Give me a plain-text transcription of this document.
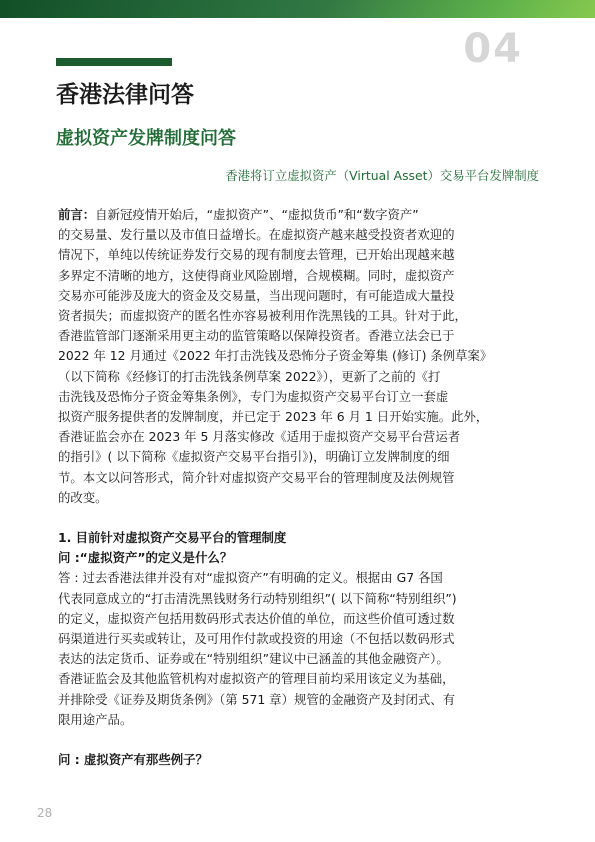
04
香港法律问答
虚拟资产发牌制度问答
香港将订立虚拟资产（Virtual Asset）交易平台发牌制度

前言：自新冠疫情开始后，“虚拟资产”、“虚拟货币”和“数字资产”

的交易量、发行量以及市值日益增长。在虚拟资产越来越受投资者欢迎的

情况下，单纯以传统证券发行交易的现有制度去管理，已开始出现越来越

多界定不清晰的地方，这使得商业风险剧增，合规模糊。同时，虚拟资产

交易亦可能涉及庞大的资金及交易量，当出现问题时，有可能造成大量投

资者损失；而虚拟资产的匿名性亦容易被利用作洗黑钱的工具。针对于此，

香港监管部门逐渐采用更主动的监管策略以保障投资者。香港立法会已于

2022 年 12 月通过《2022 年打击洗钱及恐怖分子资金筹集 (修订) 条例草案》

（以下简称《经修订的打击洗钱条例草案 2022》），更新了之前的《打

击洗钱及恐怖分子资金筹集条例》，专门为虚拟资产交易平台订立一套虚

拟资产服务提供者的发牌制度，并已定于 2023 年 6 月 1 日开始实施。此外，

香港证监会亦在 2023 年 5 月落实修改《适用于虚拟资产交易平台营运者

的指引》( 以下简称《虚拟资产交易平台指引》)，明确订立发牌制度的细

节。本文以问答形式，简介针对虚拟资产交易平台的管理制度及法例规管

的改变。

1. 目前针对虚拟资产交易平台的管理制度

问 :“虚拟资产”的定义是什么？

答 : 过去香港法律并没有对“虚拟资产”有明确的定义。根据由 G7 各国

代表同意成立的“打击清洗黑钱财务行动特别组织”( 以下简称“特别组织”)

的定义，虚拟资产包括用数码形式表达价值的单位，而这些价值可透过数

码渠道进行买卖或转让，及可用作付款或投资的用途（不包括以数码形式

表达的法定货币、证券或在“特别组织”建议中已涵盖的其他金融资产）。

香港证监会及其他监管机构对虚拟资产的管理目前均采用该定义为基础，

并排除受《证券及期货条例》（第 571 章）规管的金融资产及封闭式、有

限用途产品。

问 : 虚拟资产有那些例子？

28
